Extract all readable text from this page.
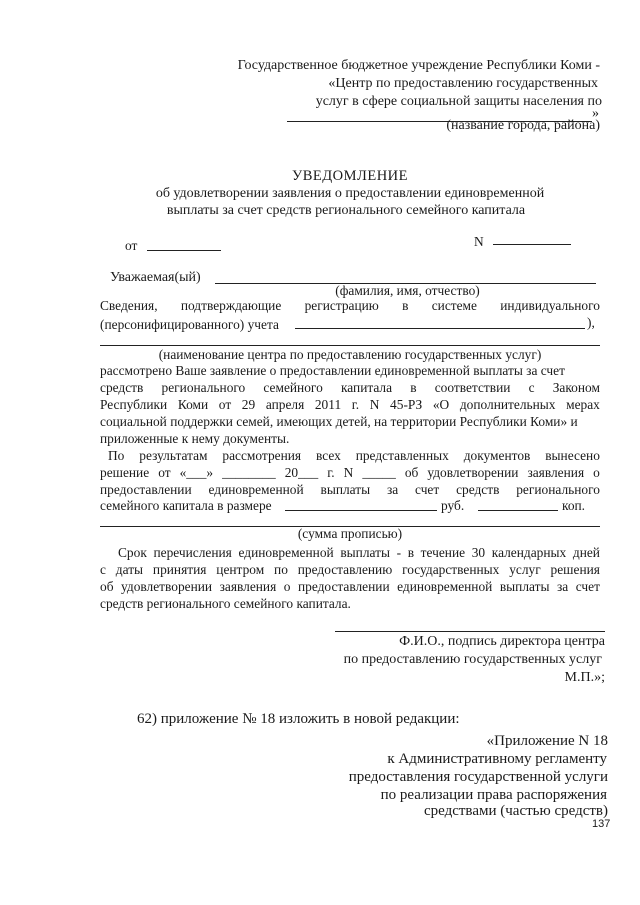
Государственное бюджетное учреждение Республики Коми -
«Центр по предоставлению государственных
услуг в сфере социальной защиты населения по
»
(название города, района)
УВЕДОМЛЕНИЕ
об удовлетворении заявления о предоставлении единовременной
выплаты за счет средств регионального семейного капитала
от	N
Уважаемая(ый)
(фамилия, имя, отчество)
Сведения, подтверждающие регистрацию в системе индивидуального
(персонифицированного) учета	),
(наименование центра по предоставлению государственных услуг)
рассмотрено Ваше заявление о предоставлении единовременной выплаты за счет
средств регионального семейного капитала в соответствии с Законом
Республики Коми от 29 апреля 2011 г. N 45-РЗ «О дополнительных мерах
социальной поддержки семей, имеющих детей, на территории Республики Коми» и
приложенные к нему документы.
По результатам рассмотрения всех представленных документов вынесено
решение от «___» ________ 20___ г. N _____ об удовлетворении заявления о
предоставлении единовременной выплаты за счет средств регионального
семейного капитала в размере	руб.	коп.
(сумма прописью)
Срок перечисления единовременной выплаты - в течение 30 календарных дней
с даты принятия центром по предоставлению государственных услуг решения
об удовлетворении заявления о предоставлении единовременной выплаты за счет
средств регионального семейного капитала.
Ф.И.О., подпись директора центра
по предоставлению государственных услуг
М.П.»;
62) приложение № 18 изложить в новой редакции:
«Приложение N 18
к Административному регламенту
предоставления государственной услуги
по реализации права распоряжения
средствами (частью средств)
137
